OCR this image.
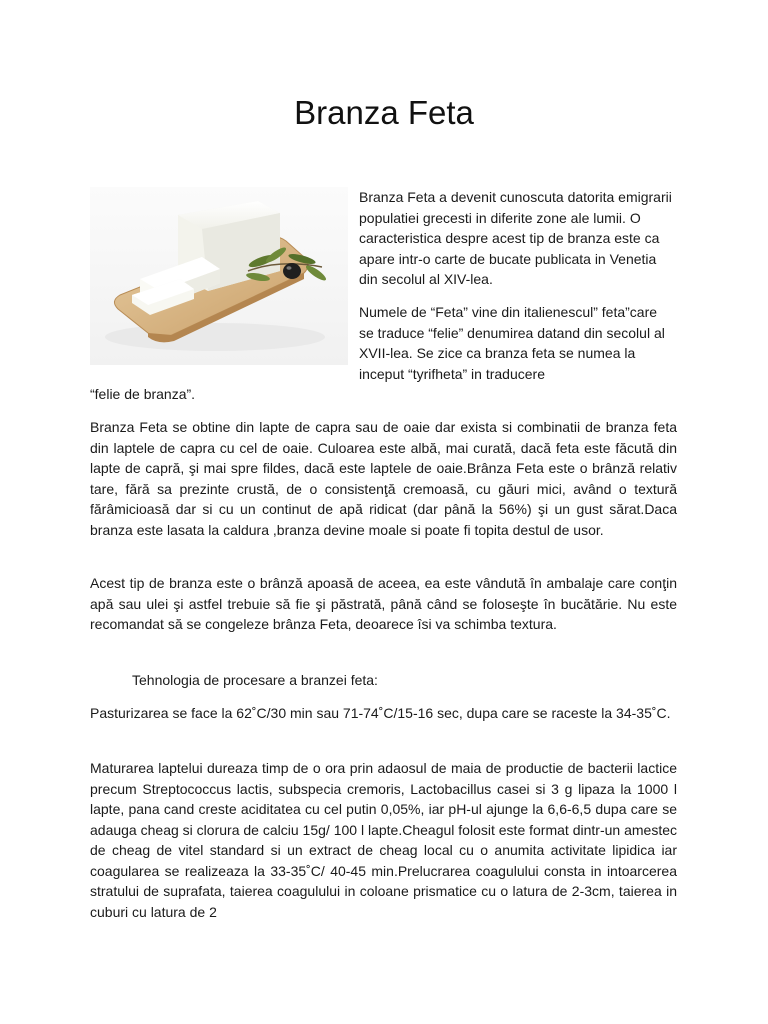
Branza Feta

Branza Feta a devenit cunoscuta datorita emigrarii populatiei grecesti in diferite zone ale lumii. O caracteristica despre acest tip de branza este ca apare intr-o carte de bucate publicata in Venetia din secolul al XIV-lea.

Numele de “Feta” vine din italienescul” feta”care se traduce “felie” denumirea datand din secolul al XVII-lea. Se zice ca branza feta se numea la inceput “tyrifheta” in traducere

“felie de branza”.

Branza Feta se obtine din lapte de capra sau de oaie dar exista si combinatii de branza feta din laptele de capra cu cel de oaie. Culoarea este albă, mai curată, dacă feta este făcută din lapte de capră, şi mai spre fildes, dacă este laptele de oaie.Brânza Feta este o brânză relativ tare, fără sa prezinte crustă, de o consistenţă cremoasă, cu găuri mici, având o textură fărâmicioasă dar si cu un continut de apă ridicat (dar până la 56%) şi un gust sărat.Daca branza este lasata la caldura ,branza devine moale si poate fi topita destul de usor.

Acest tip de branza este o brânză apoasă de aceea, ea este vândută în ambalaje care conţin apă sau ulei şi astfel trebuie să fie şi păstrată, până când se foloseşte în bucătărie. Nu este recomandat să se congeleze brânza Feta, deoarece îsi va schimba textura.

Tehnologia de procesare a branzei feta:

Pasturizarea se face la 62˚C/30 min sau 71-74˚C/15-16 sec, dupa care se raceste la 34-35˚C.

Maturarea laptelui dureaza timp de o ora prin adaosul de maia de productie de bacterii lactice precum Streptococcus lactis, subspecia cremoris, Lactobacillus casei si 3 g lipaza la 1000 l lapte, pana cand creste aciditatea cu cel putin 0,05%, iar pH-ul ajunge la 6,6-6,5 dupa care se adauga cheag si clorura de calciu 15g/ 100 l lapte.Cheagul folosit este format dintr-un amestec de cheag de vitel standard si un extract de cheag local cu o anumita activitate lipidica iar coagularea se realizeaza la 33-35˚C/ 40-45 min.Prelucrarea coagulului consta in intoarcerea stratului de suprafata, taierea coagulului in coloane prismatice cu o latura de 2-3cm, taierea in cuburi cu latura de 2
